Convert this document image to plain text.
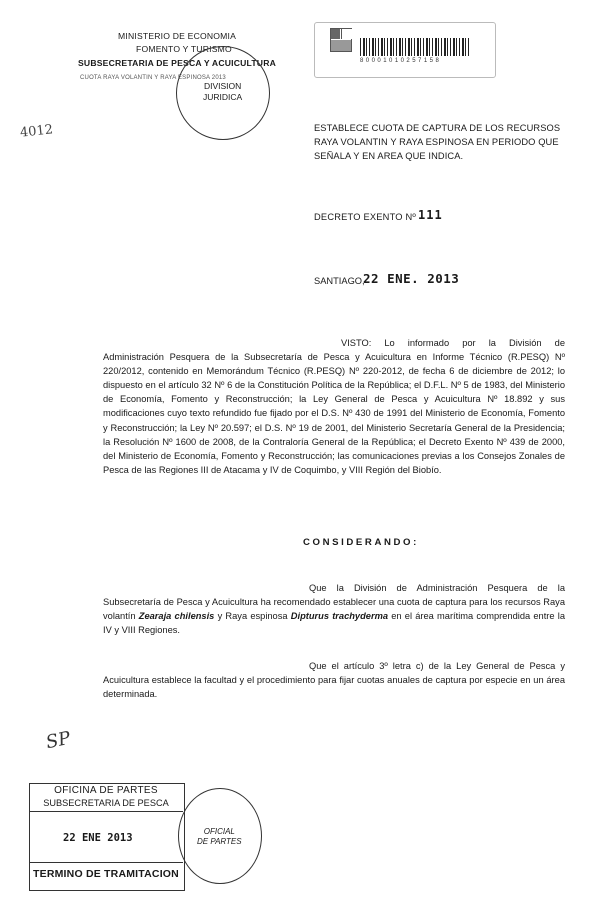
MINISTERIO DE ECONOMIA
FOMENTO Y TURISMO
SUBSECRETARIA DE PESCA Y ACUICULTURA
CUOTA RAYA VOLANTIN Y RAYA ESPINOSA 2013
4012
DIVISION
JURIDICA
8 0 0 0 1 0 1 0 2 5 7 1 5 8
ESTABLECE CUOTA DE CAPTURA DE LOS RECURSOS RAYA VOLANTIN Y RAYA ESPINOSA EN PERIODO QUE SEÑALA Y EN AREA QUE INDICA.
DECRETO EXENTO Nº 111
SANTIAGO,
22 ENE. 2013
VISTO: Lo informado por la División de Administración Pesquera de la Subsecretaría de Pesca y Acuicultura en Informe Técnico (R.PESQ) Nº 220/2012, contenido en Memorándum Técnico (R.PESQ) Nº 220-2012, de fecha 6 de diciembre de 2012; lo dispuesto en el artículo 32 Nº 6 de la Constitución Política de la República; el D.F.L. Nº 5 de 1983, del Ministerio de Economía, Fomento y Reconstrucción; la Ley General de Pesca y Acuicultura Nº 18.892 y sus modificaciones cuyo texto refundido fue fijado por el D.S. Nº 430 de 1991 del Ministerio de Economía, Fomento y Reconstrucción; la Ley Nº 20.597; el D.S. Nº 19 de 2001, del Ministerio Secretaría General de la Presidencia; la Resolución Nº 1600 de 2008, de la Contraloría General de la República; el Decreto Exento Nº 439 de 2000, del Ministerio de Economía, Fomento y Reconstrucción; las comunicaciones previas a los Consejos Zonales de Pesca de las Regiones III de Atacama y IV de Coquimbo, y VIII Región del Biobío.
CONSIDERANDO:
Que la División de Administración Pesquera de la Subsecretaría de Pesca y Acuicultura ha recomendado establecer una cuota de captura para los recursos Raya volantín Zearaja chilensis y Raya espinosa Dipturus trachyderma en el área marítima comprendida entre la IV y VIII Regiones.
Que el artículo 3º letra c) de la Ley General de Pesca y Acuicultura establece la facultad y el procedimiento para fijar cuotas anuales de captura por especie en un área determinada.
SP
OFICINA DE PARTES
SUBSECRETARIA DE PESCA
22 ENE 2013
TERMINO DE TRAMITACION
OFICIAL
DE PARTES
